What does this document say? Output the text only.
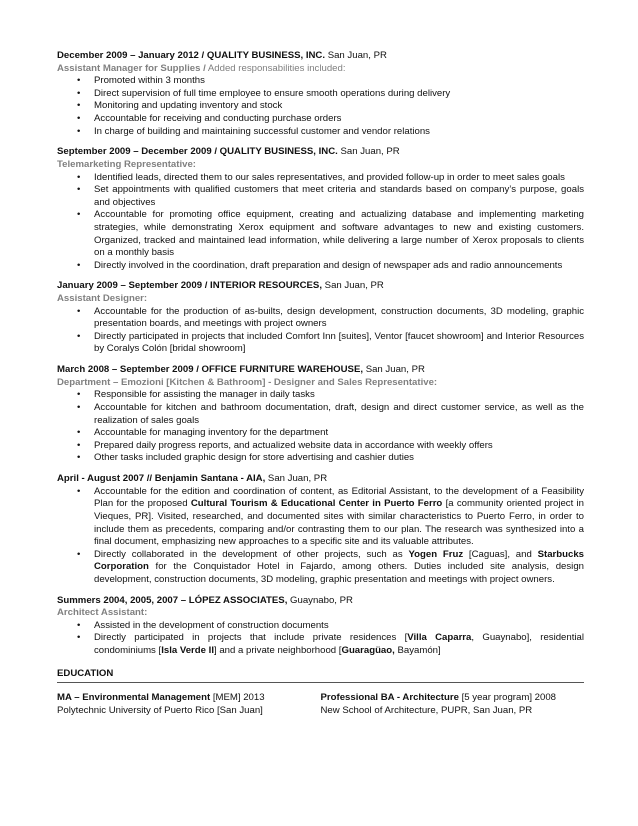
December 2009 – January 2012 / QUALITY BUSINESS, INC. San Juan, PR
Assistant Manager for Supplies / Added responsabilities included:
• Promoted within 3 months
• Direct supervision of full time employee to ensure smooth operations during delivery
• Monitoring and updating inventory and stock
• Accountable for receiving and conducting purchase orders
• In charge of building and maintaining successful customer and vendor relations
September 2009 – December 2009 / QUALITY BUSINESS, INC. San Juan, PR
Telemarketing Representative:
• Identified leads, directed them to our sales representatives, and provided follow-up in order to meet sales goals
• Set appointments with qualified customers that meet criteria and standards based on company’s purpose, goals and objectives
• Accountable for promoting office equipment, creating and actualizing database and implementing marketing strategies, while demonstrating Xerox equipment and software advantages to new and existing customers. Organized, tracked and maintained lead information, while delivering a large number of Xerox proposals to clients on a monthly basis
• Directly involved in the coordination, draft preparation and design of newspaper ads and radio announcements
January 2009 – September 2009 / INTERIOR RESOURCES, San Juan, PR
Assistant Designer:
• Accountable for the production of as-builts, design development, construction documents, 3D modeling, graphic presentation boards, and meetings with project owners
• Directly participated in projects that included Comfort Inn [suites], Ventor [faucet showroom] and Interior Resources by Coralys Colón [bridal showroom]
March 2008 – September 2009 / OFFICE FURNITURE WAREHOUSE, San Juan, PR
Department – Emozioni [Kitchen & Bathroom] - Designer and Sales Representative:
• Responsible for assisting the manager in daily tasks
• Accountable for kitchen and bathroom documentation, draft, design and direct customer service, as well as the realization of sales goals
• Accountable for managing inventory for the department
• Prepared daily progress reports, and actualized website data in accordance with weekly offers
• Other tasks included graphic design for store advertising and cashier duties
April - August 2007 // Benjamin Santana - AIA, San Juan, PR
• Accountable for the edition and coordination of content, as Editorial Assistant, to the development of a Feasibility Plan for the proposed Cultural Tourism & Educational Center in Puerto Ferro [a community oriented project in Vieques, PR]. Visited, researched, and documented sites with similar characteristics to Puerto Ferro, in order to include them as precedents, comparing and/or contrasting them to our plan. The research was synthesized into a final document, emphasizing new approaches to a specific site and its valuable attributes.
• Directly collaborated in the development of other projects, such as Yogen Fruz [Caguas], and Starbucks Corporation for the Conquistador Hotel in Fajardo, among others. Duties included site analysis, design development, construction documents, 3D modeling, graphic presentation and meetings with project owners.
Summers 2004, 2005, 2007 – LÓPEZ ASSOCIATES, Guaynabo, PR
Architect Assistant:
• Assisted in the development of construction documents
• Directly participated in projects that include private residences [Villa Caparra, Guaynabo], residential condominiums [Isla Verde II] and a private neighborhood [Guaragüao, Bayamón]
EDUCATION
MA – Environmental Management [MEM] 2013
Polytechnic University of Puerto Rico [San Juan]
Professional BA - Architecture [5 year program] 2008
New School of Architecture, PUPR, San Juan, PR
